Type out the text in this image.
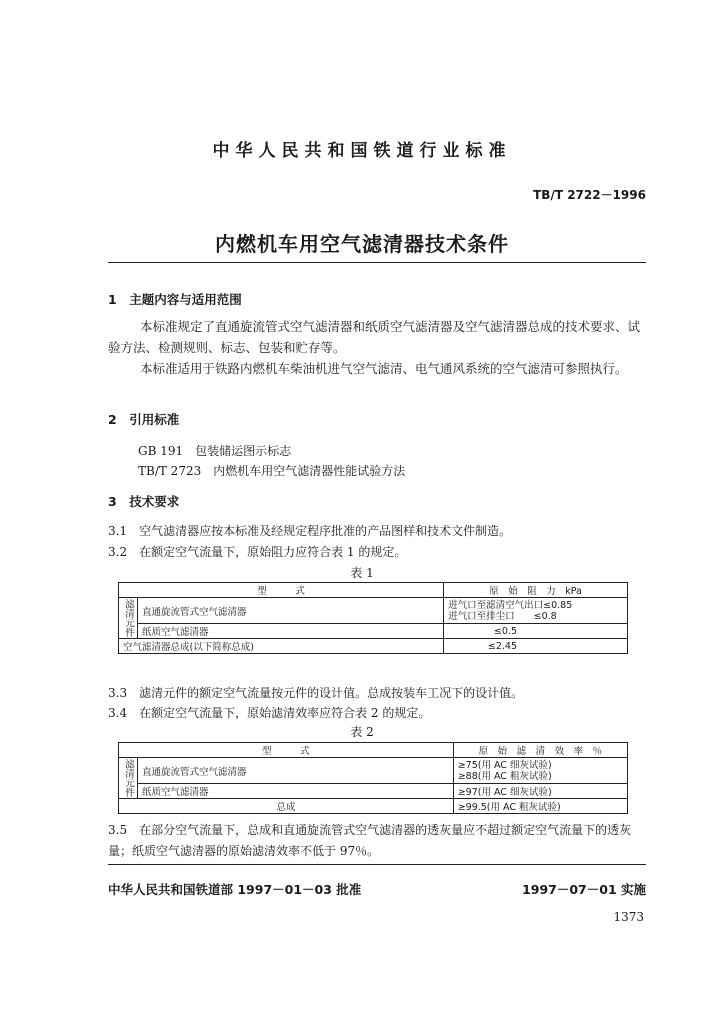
中华人民共和国铁道行业标准
TB/T 2722－1996
内燃机车用空气滤清器技术条件
1　主题内容与适用范围

本标准规定了直通旋流管式空气滤清器和纸质空气滤清器及空气滤清器总成的技术要求、试验方法、检测规则、标志、包装和贮存等。

本标准适用于铁路内燃机车柴油机进气空气滤清、电气通风系统的空气滤清可参照执行。

2　引用标准
GB 191　包装储运图示标志
TB/T 2723　内燃机车用空气滤清器性能试验方法
3　技术要求
3.1　空气滤清器应按本标准及经规定程序批准的产品图样和技术文件制造。
3.2　在额定空气流量下，原始阻力应符合表 1 的规定。
表 1
型　　　式		原　始　阻　力　kPa
滤清元件	直通旋流管式空气滤清器	进气口至滤清空气出口≤0.85
进气口至排尘口　　≤0.8

	纸质空气滤清器	≤0.5
空气滤清器总成(以下简称总成)		≤2.45
3.3　滤清元件的额定空气流量按元件的设计值。总成按装车工况下的设计值。
3.4　在额定空气流量下，原始滤清效率应符合表 2 的规定。
表 2
型　　　式		原　始　滤　清　效　率　％
滤清元件	直通旋流管式空气滤清器	≥75(用 AC 细灰试验)
≥88(用 AC 粗灰试验)

	纸质空气滤清器	≥97(用 AC 细灰试验)
总成		≥99.5(用 AC 粗灰试验)

3.5　在部分空气流量下，总成和直通旋流管式空气滤清器的透灰量应不超过额定空气流量下的透灰量；纸质空气滤清器的原始滤清效率不低于 97％。

中华人民共和国铁道部 1997－01－03 批准	1997－07－01 实施
1373
